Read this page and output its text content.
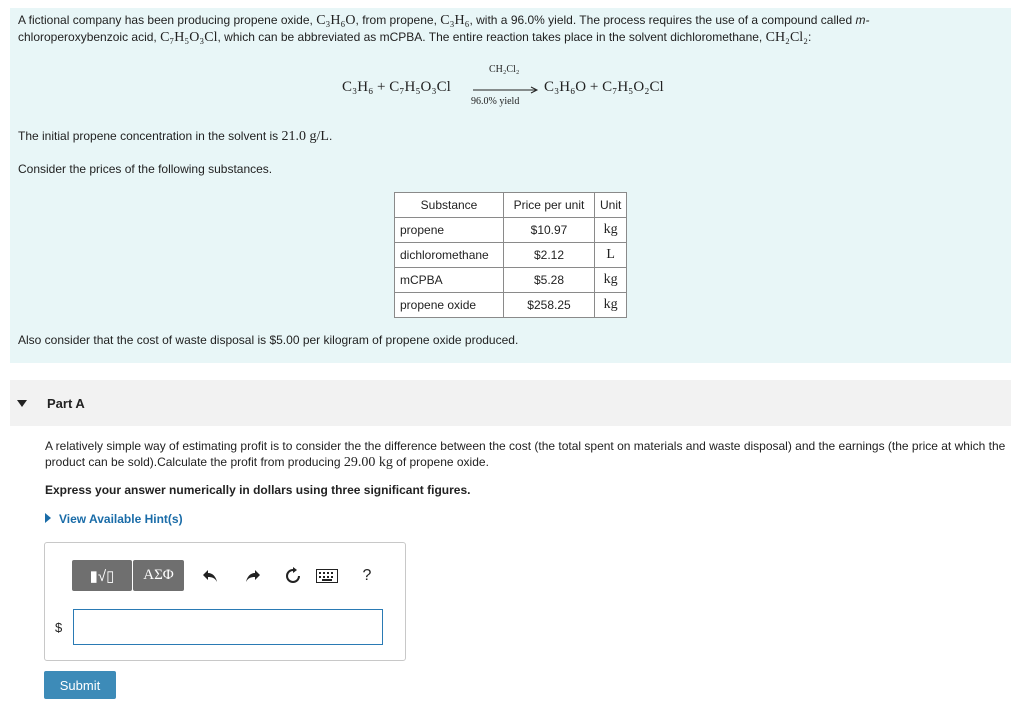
A fictional company has been producing propene oxide, C₃H₆O, from propene, C₃H₆, with a 96.0% yield. The process requires the use of a compound called m-
chloroperoxybenzoic acid, C₇H₅O₃Cl, which can be abbreviated as mCPBA. The entire reaction takes place in the solvent dichloromethane, CH₂Cl₂:
C₃H₆ + C₇H₅O₃Cl
CH₂Cl₂
96.0% yield
C₃H₆O + C₇H₅O₂Cl
The initial propene concentration in the solvent is 21.0 g/L.
Consider the prices of the following substances.
Substance	Price per unit	Unit
propene	$10.97	kg
dichloromethane	$2.12	L
mCPBA	$5.28	kg
propene oxide	$258.25	kg
Also consider that the cost of waste disposal is $5.00 per kilogram of propene oxide produced.
Part A
A relatively simple way of estimating profit is to consider the the difference between the cost (the total spent on materials and waste disposal) and the earnings (the price at which the product can be sold).Calculate the profit from producing 29.00 kg of propene oxide.
Express your answer numerically in dollars using three significant figures.
View Available Hint(s)
▮√▯ ΑΣΦ	?
$
Submit
